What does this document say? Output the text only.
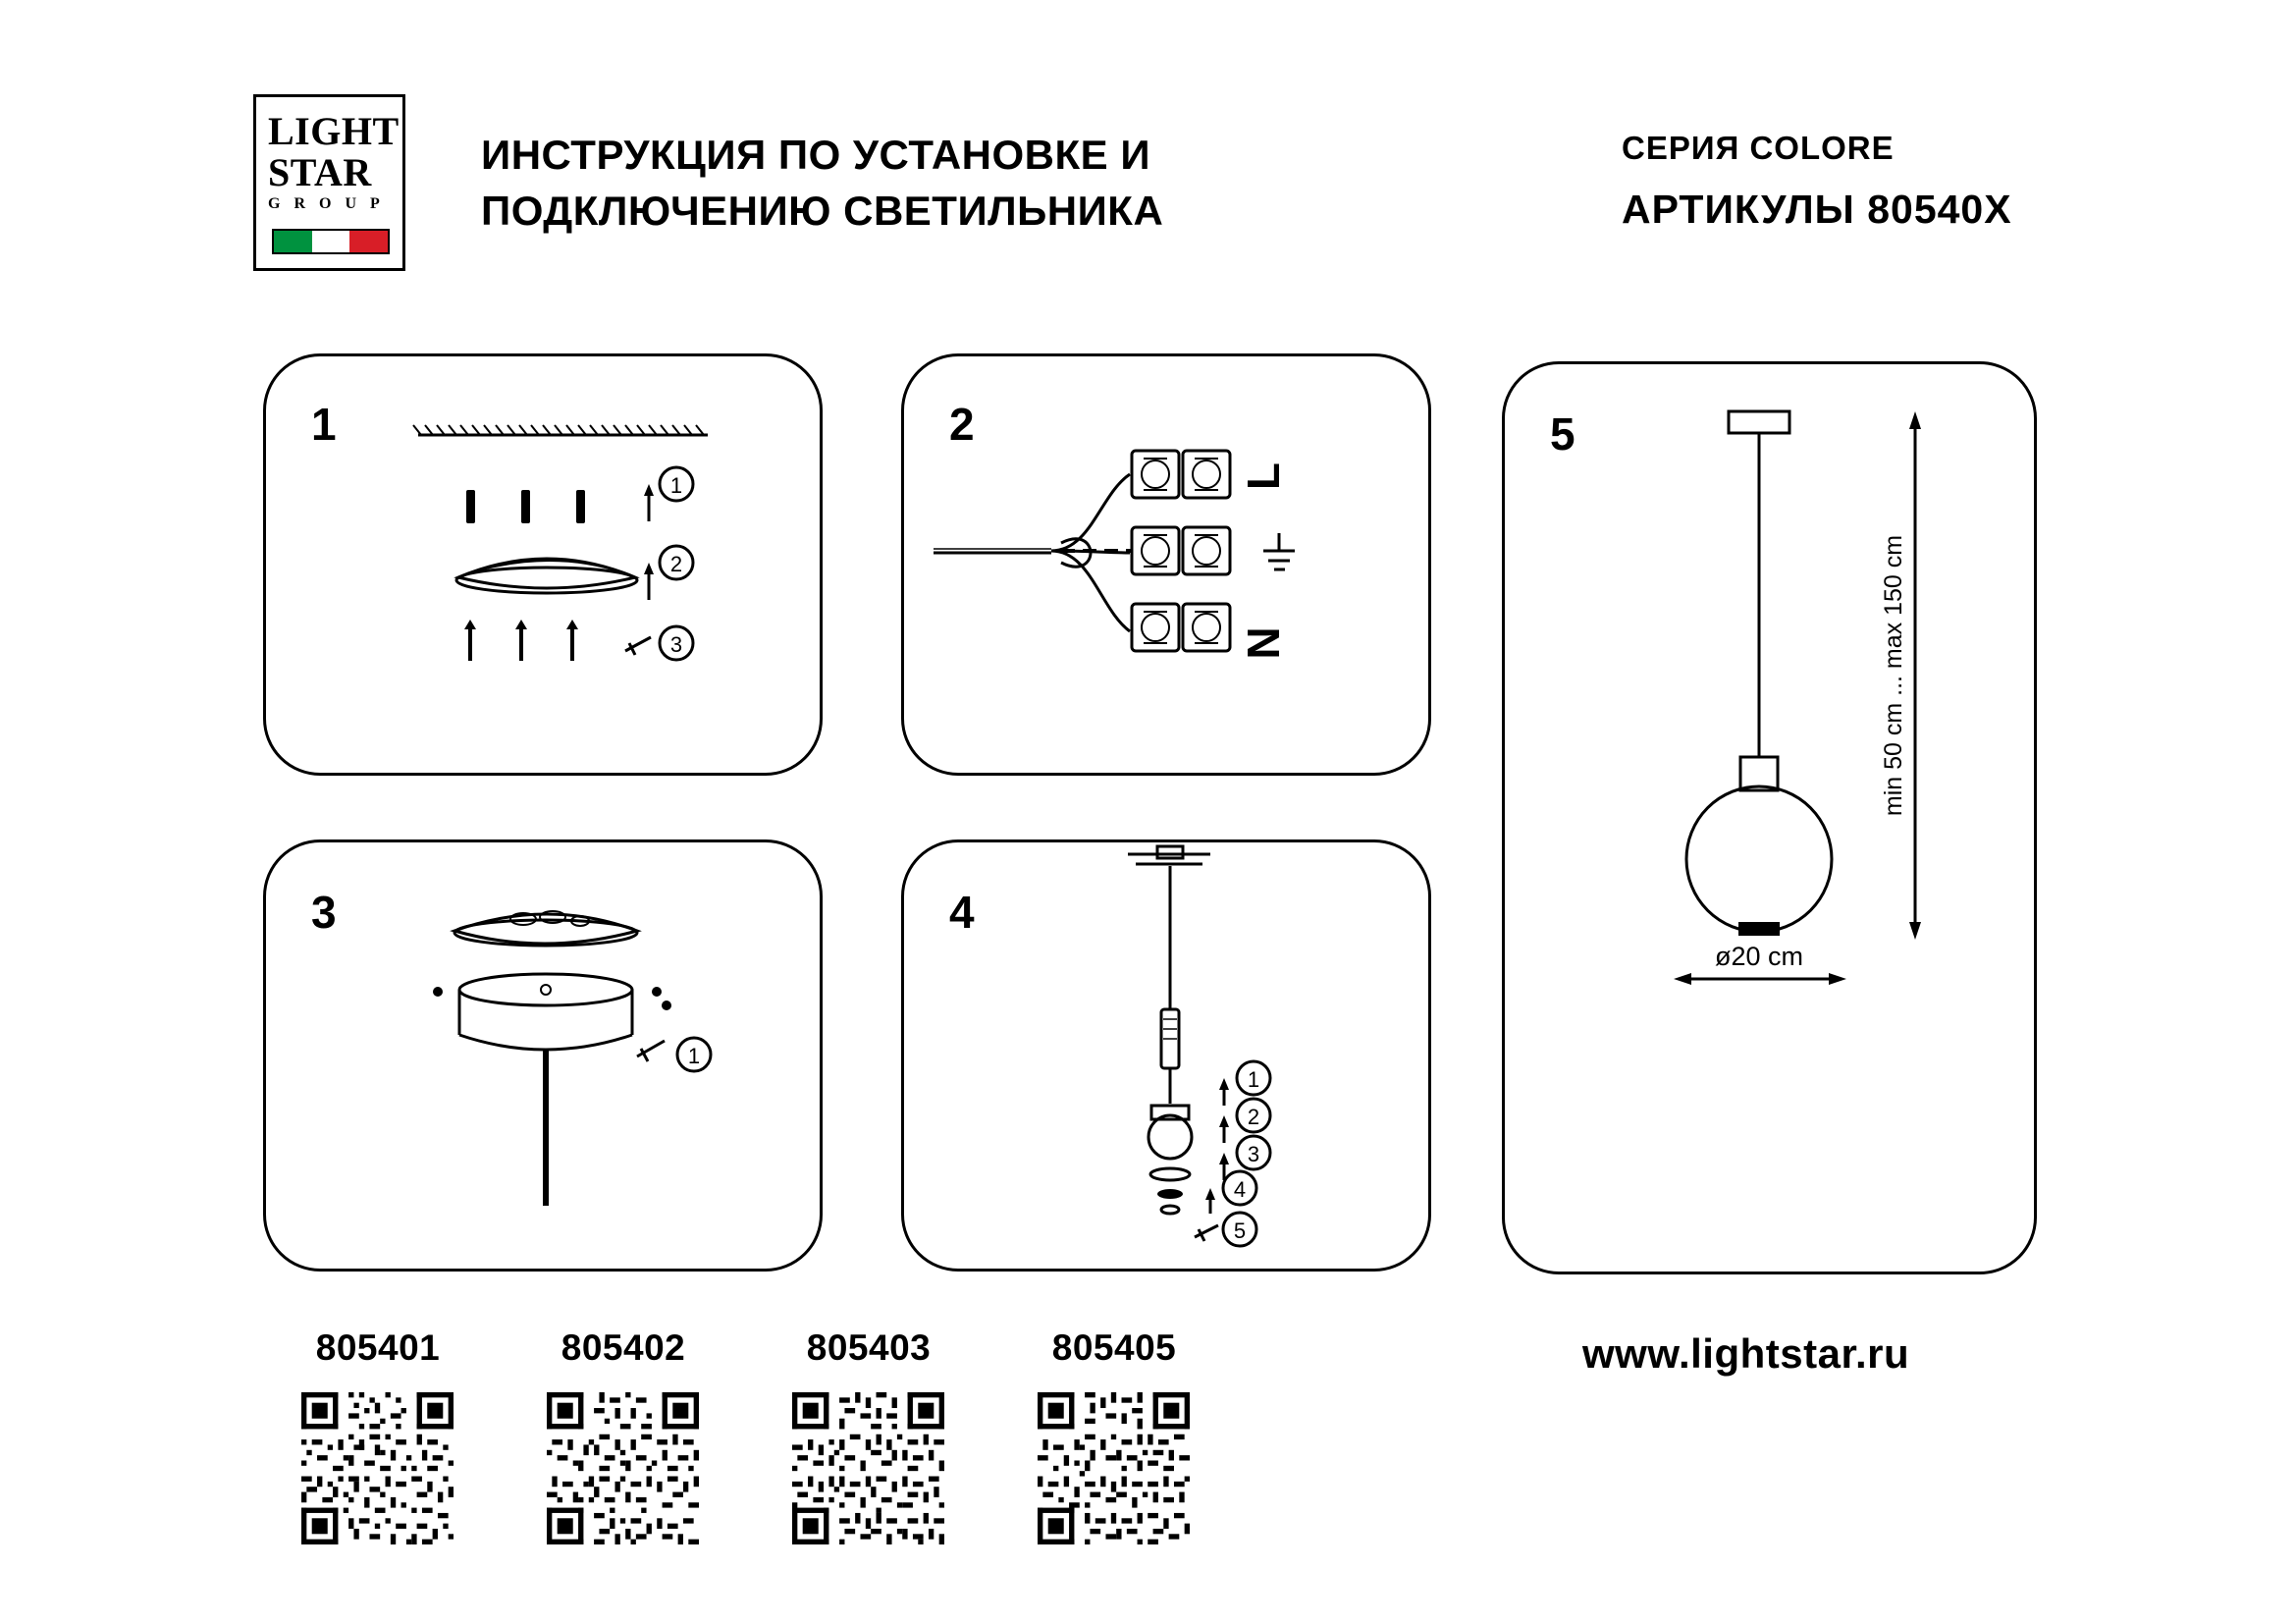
LIGHT
STAR
G R O U P
ИНСТРУКЦИЯ ПО УСТАНОВКЕ И ПОДКЛЮЧЕНИЮ СВЕТИЛЬНИКА
СЕРИЯ COLORE
АРТИКУЛЫ 80540X
1
1
2
3
2
L
N
3
1
4
1
2
3
4
5
5
min 50 cm ... max 150 cm
ø20 cm
805401	805402	805403	805405	www.lightstar.ru
